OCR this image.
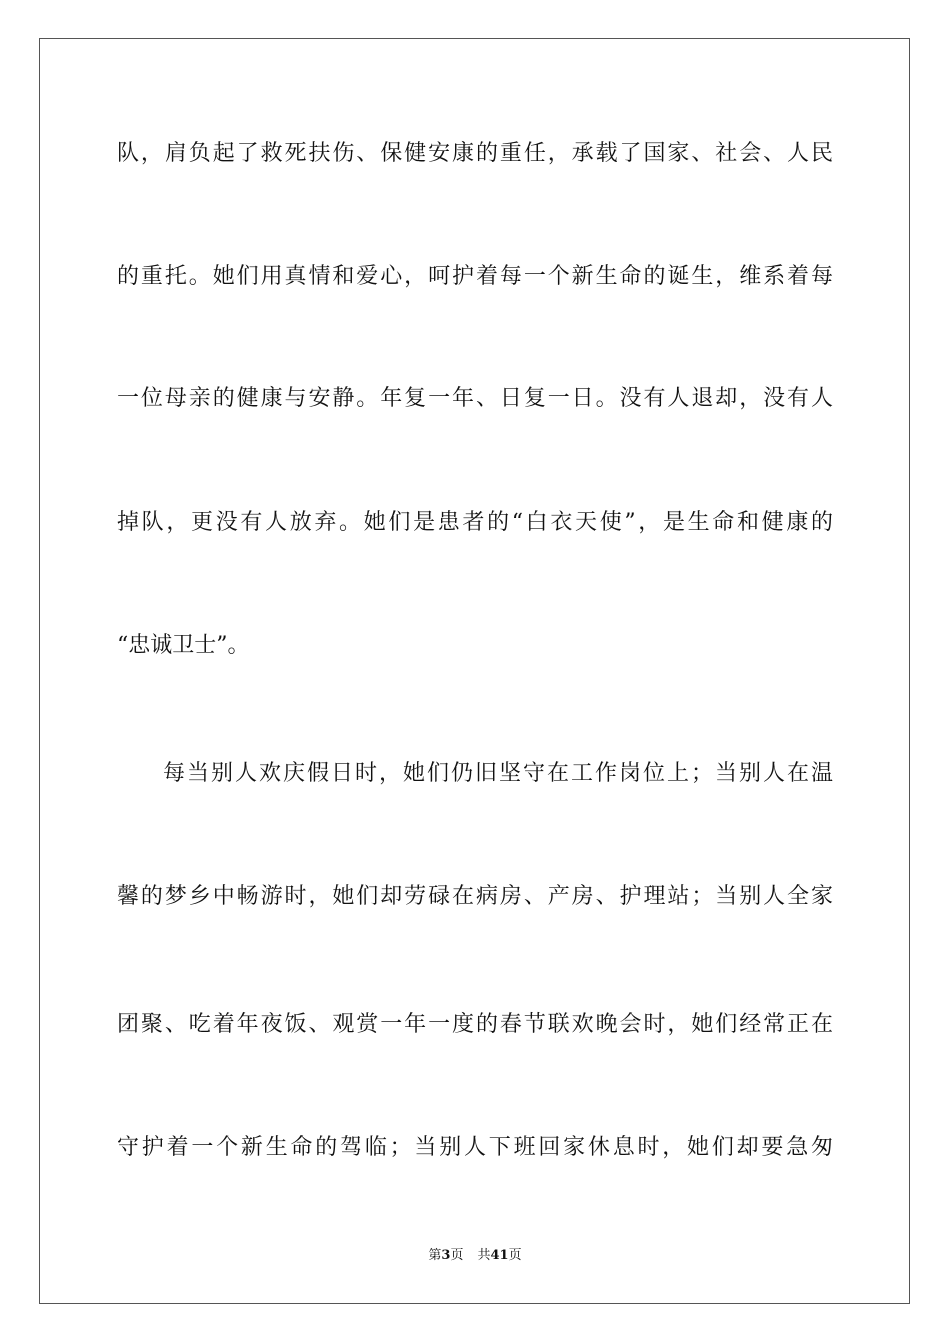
队，肩负起了救死扶伤、保健安康的重任，承载了国家、社会、人民
的重托。她们用真情和爱心，呵护着每一个新生命的诞生，维系着每
一位母亲的健康与安静。年复一年、日复一日。没有人退却，没有人
掉队，更没有人放弃。她们是患者的“白衣天使”，是生命和健康的
“忠诚卫士”。
每当别人欢庆假日时，她们仍旧坚守在工作岗位上；当别人在温
馨的梦乡中畅游时，她们却劳碌在病房、产房、护理站；当别人全家
团聚、吃着年夜饭、观赏一年一度的春节联欢晚会时，她们经常正在
守护着一个新生命的驾临；当别人下班回家休息时，她们却要急匆
第3页 共41页
